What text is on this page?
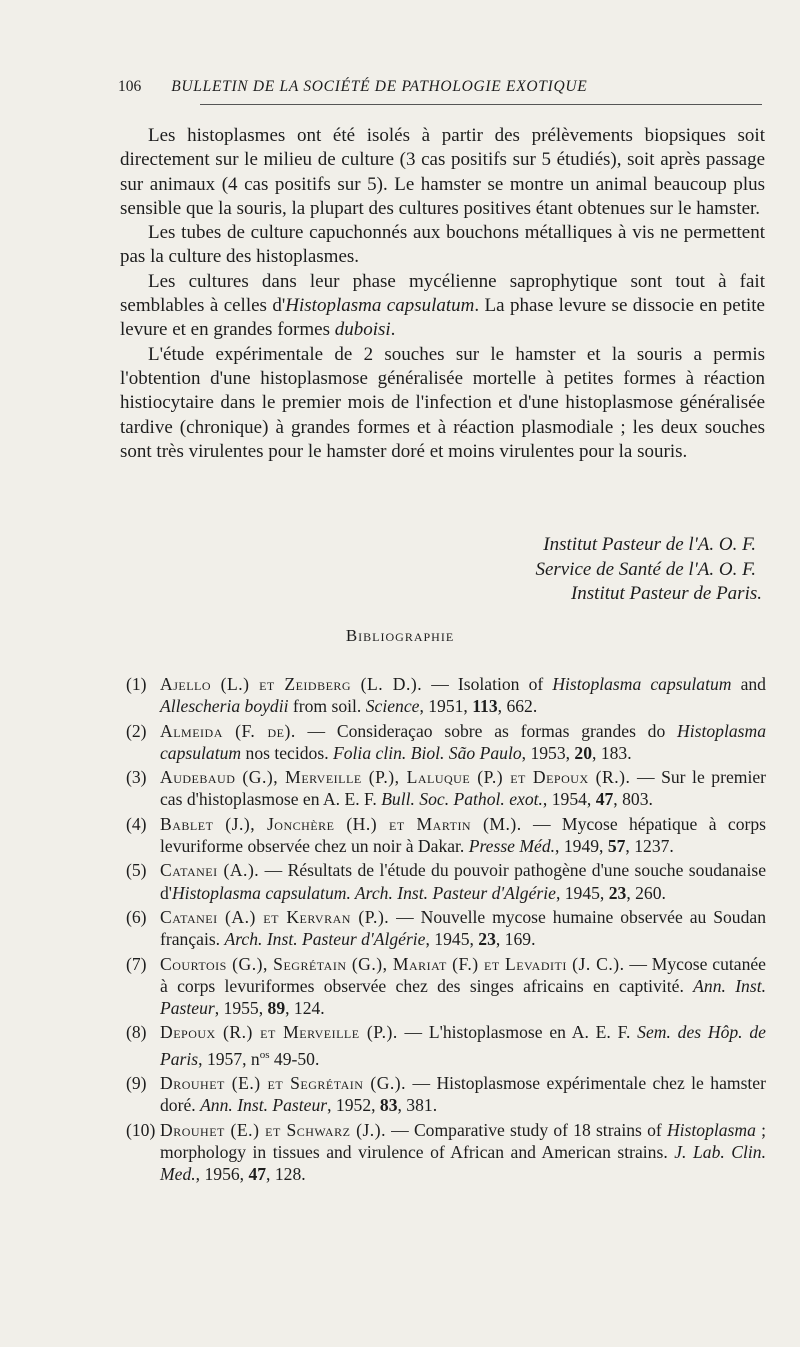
106 BULLETIN DE LA SOCIÉTÉ DE PATHOLOGIE EXOTIQUE

Les histoplasmes ont été isolés à partir des prélèvements biopsiques soit directement sur le milieu de culture (3 cas positifs sur 5 étudiés), soit après passage sur animaux (4 cas positifs sur 5). Le hamster se montre un animal beaucoup plus sensible que la souris, la plupart des cultures positives étant obtenues sur le hamster.

Les tubes de culture capuchonnés aux bouchons métalliques à vis ne permettent pas la culture des histoplasmes.

Les cultures dans leur phase mycélienne saprophytique sont tout à fait semblables à celles d'Histoplasma capsulatum. La phase levure se dissocie en petite levure et en grandes formes duboisi.

L'étude expérimentale de 2 souches sur le hamster et la souris a permis l'obtention d'une histoplasmose généralisée mortelle à petites formes à réaction histiocytaire dans le premier mois de l'infection et d'une histoplasmose généralisée tardive (chronique) à grandes formes et à réaction plasmodiale ; les deux souches sont très virulentes pour le hamster doré et moins virulentes pour la souris.

Institut Pasteur de l'A. O. F.
Service de Santé de l'A. O. F.
Institut Pasteur de Paris.
Bibliographie
(1) Ajello (L.) et Zeidberg (L. D.). — Isolation of Histoplasma capsulatum and Allescheria boydii from soil. Science, 1951, 113, 662.
(2) Almeida (F. de). — Consideraçao sobre as formas grandes do Histoplasma capsulatum nos tecidos. Folia clin. Biol. São Paulo, 1953, 20, 183.
(3) Audebaud (G.), Merveille (P.), Laluque (P.) et Depoux (R.). — Sur le premier cas d'histoplasmose en A. E. F. Bull. Soc. Pathol. exot., 1954, 47, 803.
(4) Bablet (J.), Jonchère (H.) et Martin (M.). — Mycose hépatique à corps levuriforme observée chez un noir à Dakar. Presse Méd., 1949, 57, 1237.
(5) Catanei (A.). — Résultats de l'étude du pouvoir pathogène d'une souche soudanaise d'Histoplasma capsulatum. Arch. Inst. Pasteur d'Algérie, 1945, 23, 260.
(6) Catanei (A.) et Kervran (P.). — Nouvelle mycose humaine observée au Soudan français. Arch. Inst. Pasteur d'Algérie, 1945, 23, 169.
(7) Courtois (G.), Segrétain (G.), Mariat (F.) et Levaditi (J. C.). — Mycose cutanée à corps levuriformes observée chez des singes africains en captivité. Ann. Inst. Pasteur, 1955, 89, 124.
(8) Depoux (R.) et Merveille (P.). — L'histoplasmose en A. E. F. Sem. des Hôp. de Paris, 1957, $n^{os}$ 49-50.
(9) Drouhet (E.) et Segrétain (G.). — Histoplasmose expérimentale chez le hamster doré. Ann. Inst. Pasteur, 1952, 83, 381.
(10) Drouhet (E.) et Schwarz (J.). — Comparative study of 18 strains of Histoplasma ; morphology in tissues and virulence of African and American strains. J. Lab. Clin. Med., 1956, 47, 128.
